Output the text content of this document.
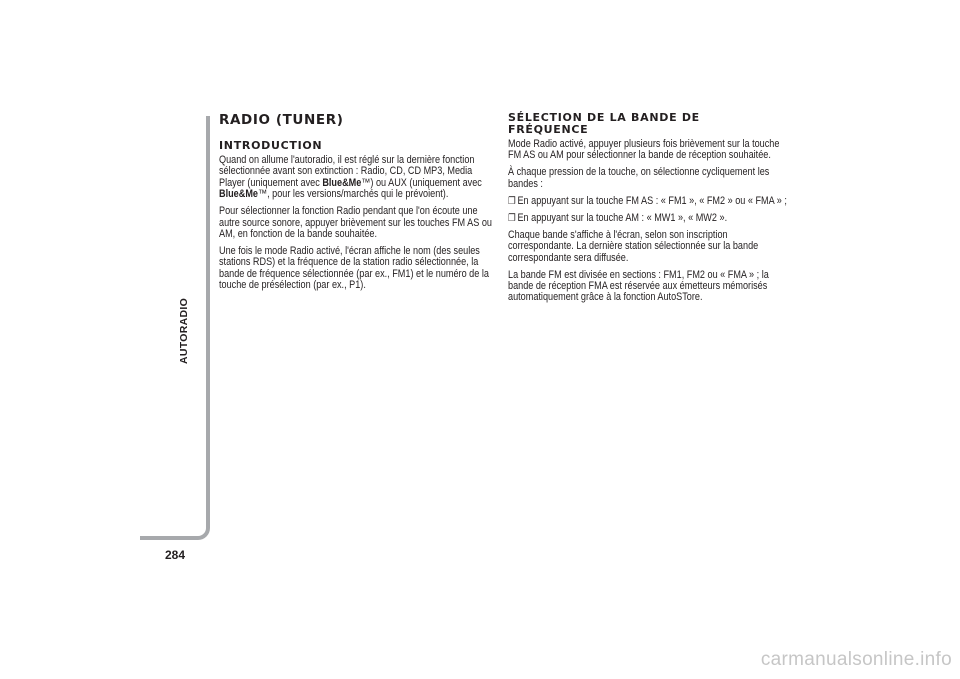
AUTORADIO
284
RADIO (TUNER)
INTRODUCTION

Quand on allume l'autoradio, il est réglé sur la dernière fonction sélectionnée avant son extinction : Radio, CD, CD MP3, Media Player (uniquement avec Blue&Me™) ou AUX (uniquement avec Blue&Me™, pour les versions/marchés qui le prévoient).

Pour sélectionner la fonction Radio pendant que l'on écoute une autre source sonore, appuyer brièvement sur les touches FM AS ou AM, en fonction de la bande souhaitée.

Une fois le mode Radio activé, l'écran affiche le nom (des seules stations RDS) et la fréquence de la station radio sélectionnée, la bande de fréquence sélectionnée (par ex., FM1) et le numéro de la touche de présélection (par ex., P1).

SÉLECTION DE LA BANDE DE FRÉQUENCE

Mode Radio activé, appuyer plusieurs fois brièvement sur la touche FM AS ou AM pour sélectionner la bande de réception souhaitée.

À chaque pression de la touche, on sélectionne cycliquement les bandes :

❐ En appuyant sur la touche FM AS : « FM1 », « FM2 » ou « FMA » ;

❐ En appuyant sur la touche AM : « MW1 », « MW2 ».

Chaque bande s'affiche à l'écran, selon son inscription correspondante. La dernière station sélectionnée sur la bande correspondante sera diffusée.

La bande FM est divisée en sections : FM1, FM2 ou « FMA » ; la bande de réception FMA est réservée aux émetteurs mémorisés automatiquement grâce à la fonction AutoSTore.

carmanualsonline.info
